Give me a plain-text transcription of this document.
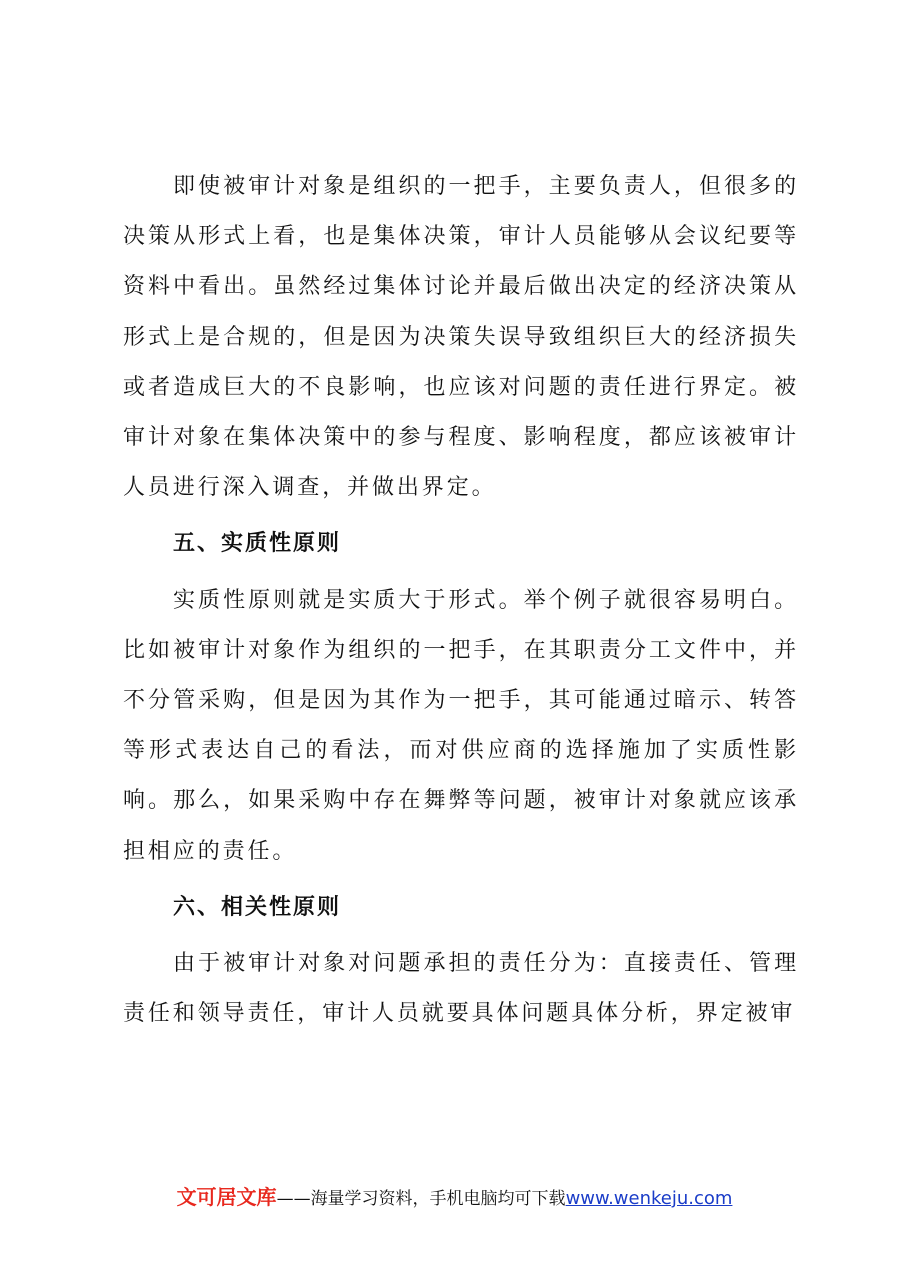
即使被审计对象是组织的一把手，主要负责人，但很多的决策从形式上看，也是集体决策，审计人员能够从会议纪要等资料中看出。虽然经过集体讨论并最后做出决定的经济决策从形式上是合规的，但是因为决策失误导致组织巨大的经济损失或者造成巨大的不良影响，也应该对问题的责任进行界定。被审计对象在集体决策中的参与程度、影响程度，都应该被审计人员进行深入调查，并做出界定。

五、实质性原则

实质性原则就是实质大于形式。举个例子就很容易明白。比如被审计对象作为组织的一把手，在其职责分工文件中，并不分管采购，但是因为其作为一把手，其可能通过暗示、转答等形式表达自己的看法，而对供应商的选择施加了实质性影响。那么，如果采购中存在舞弊等问题，被审计对象就应该承担相应的责任。

六、相关性原则

由于被审计对象对问题承担的责任分为：直接责任、管理责任和领导责任，审计人员就要具体问题具体分析，界定被审

文可居文库——海量学习资料，手机电脑均可下载www.wenkeju.com
